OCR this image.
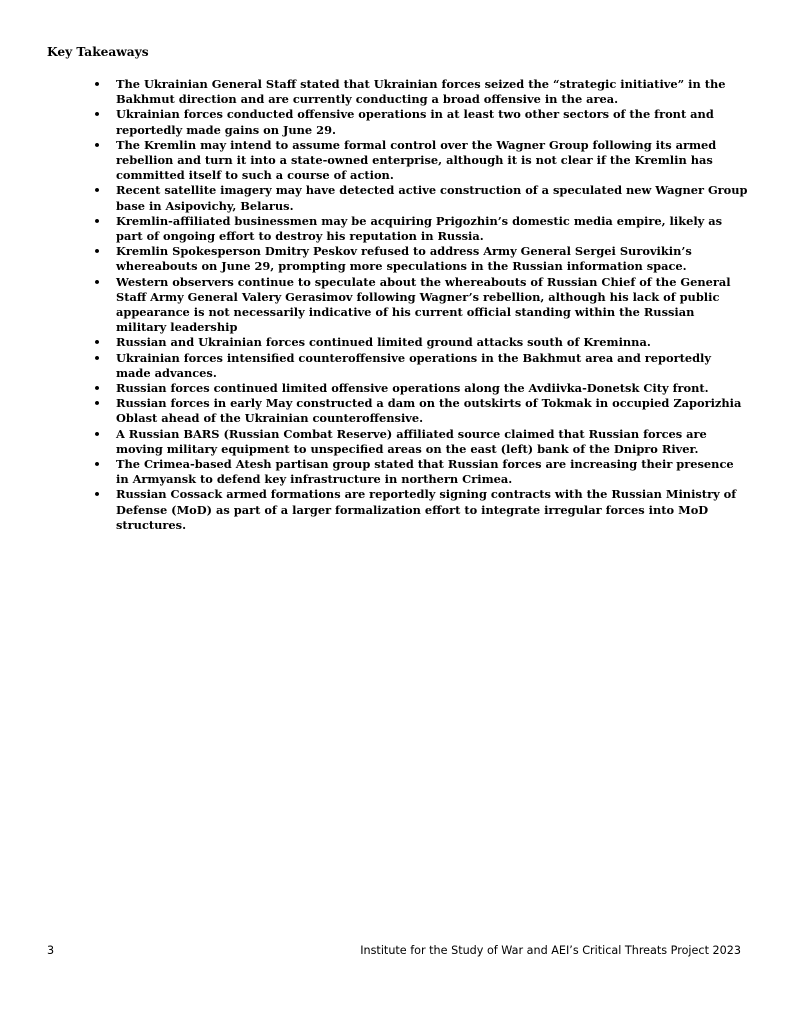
Key Takeaways
• The Ukrainian General Staff stated that Ukrainian forces seized the “strategic initiative” in the Bakhmut direction and are currently conducting a broad offensive in the area.
• Ukrainian forces conducted offensive operations in at least two other sectors of the front and reportedly made gains on June 29.
• The Kremlin may intend to assume formal control over the Wagner Group following its armed rebellion and turn it into a state-owned enterprise, although it is not clear if the Kremlin has committed itself to such a course of action.
• Recent satellite imagery may have detected active construction of a speculated new Wagner Group base in Asipovichy, Belarus.
• Kremlin-affiliated businessmen may be acquiring Prigozhin’s domestic media empire, likely as part of ongoing effort to destroy his reputation in Russia.
• Kremlin Spokesperson Dmitry Peskov refused to address Army General Sergei Surovikin’s whereabouts on June 29, prompting more speculations in the Russian information space.
• Western observers continue to speculate about the whereabouts of Russian Chief of the General Staff Army General Valery Gerasimov following Wagner’s rebellion, although his lack of public appearance is not necessarily indicative of his current official standing within the Russian military leadership
• Russian and Ukrainian forces continued limited ground attacks south of Kreminna.
• Ukrainian forces intensified counteroffensive operations in the Bakhmut area and reportedly made advances.
• Russian forces continued limited offensive operations along the Avdiivka-Donetsk City front.
• Russian forces in early May constructed a dam on the outskirts of Tokmak in occupied Zaporizhia Oblast ahead of the Ukrainian counteroffensive.
• A Russian BARS (Russian Combat Reserve) affiliated source claimed that Russian forces are moving military equipment to unspecified areas on the east (left) bank of the Dnipro River.
• The Crimea-based Atesh partisan group stated that Russian forces are increasing their presence in Armyansk to defend key infrastructure in northern Crimea.
• Russian Cossack armed formations are reportedly signing contracts with the Russian Ministry of Defense (MoD) as part of a larger formalization effort to integrate irregular forces into MoD structures.
3	Institute for the Study of War and AEI’s Critical Threats Project 2023
